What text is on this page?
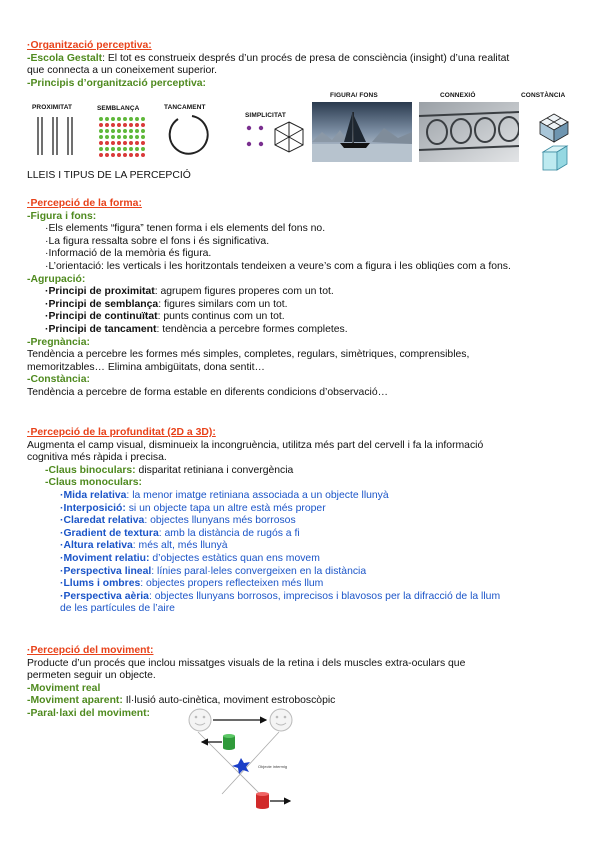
·Organització perceptiva:
-Escola Gestalt: El tot es construeix després d’un procés de presa de consciència (insight) d’una realitat
que connecta a un coneixement superior.
-Principis d’organització perceptiva:
PROXIMITAT	SEMBLANÇA	TANCAMENT
SIMPLICITAT
FIGURA/ FONS	CONNEXIÓ	CONSTÀNCIA
LLEIS I TIPUS DE LA PERCEPCIÓ
·Percepció de la forma:
-Figura i fons:
·Els elements “figura” tenen forma i els elements del fons no.
·La figura ressalta sobre el fons i és significativa.
·Informació de la memòria és figura.
·L’orientació: les verticals i les horitzontals tendeixen a veure’s com a figura i les obliqües com a fons.
-Agrupació:
·Principi de proximitat: agrupem figures properes com un tot.
·Principi de semblança: figures similars com un tot.
·Principi de continuïtat: punts continus com un tot.
·Principi de tancament: tendència a percebre formes completes.
-Pregnància:
Tendència a percebre les formes més simples, completes, regulars, simètriques, comprensibles,
memoritzables… Elimina ambigüitats, dona sentit…
-Constància:
Tendència a percebre de forma estable en diferents condicions d’observació…
·Percepció de la profunditat (2D a 3D):
Augmenta el camp visual, disminueix la incongruència, utilitza més part del cervell i fa la informació
cognitiva més ràpida i precisa.
-Claus binoculars: disparitat retiniana i convergència
-Claus monoculars:
·Mida relativa: la menor imatge retiniana associada a un objecte llunyà
·Interposició: si un objecte tapa un altre està més proper
·Claredat relativa: objectes llunyans més borrosos
·Gradient de textura: amb la distància de rugós a fi
·Altura relativa: més alt, més llunyà
·Moviment relatiu: d’objectes estàtics quan ens movem
·Perspectiva lineal: línies paral·leles convergeixen en la distància
·Llums i ombres: objectes propers reflecteixen més llum
·Perspectiva aèria: objectes llunyans borrosos, imprecisos i blavosos per la difracció de la llum
de les partícules de l’aire
·Percepció del moviment:
Producte d’un procés que inclou missatges visuals de la retina i dels muscles extra-oculars que
permeten seguir un objecte.
-Moviment real
-Moviment aparent: Il·lusió auto-cinètica, moviment estroboscòpic
-Paral·laxi del moviment:
Objecte intermig
